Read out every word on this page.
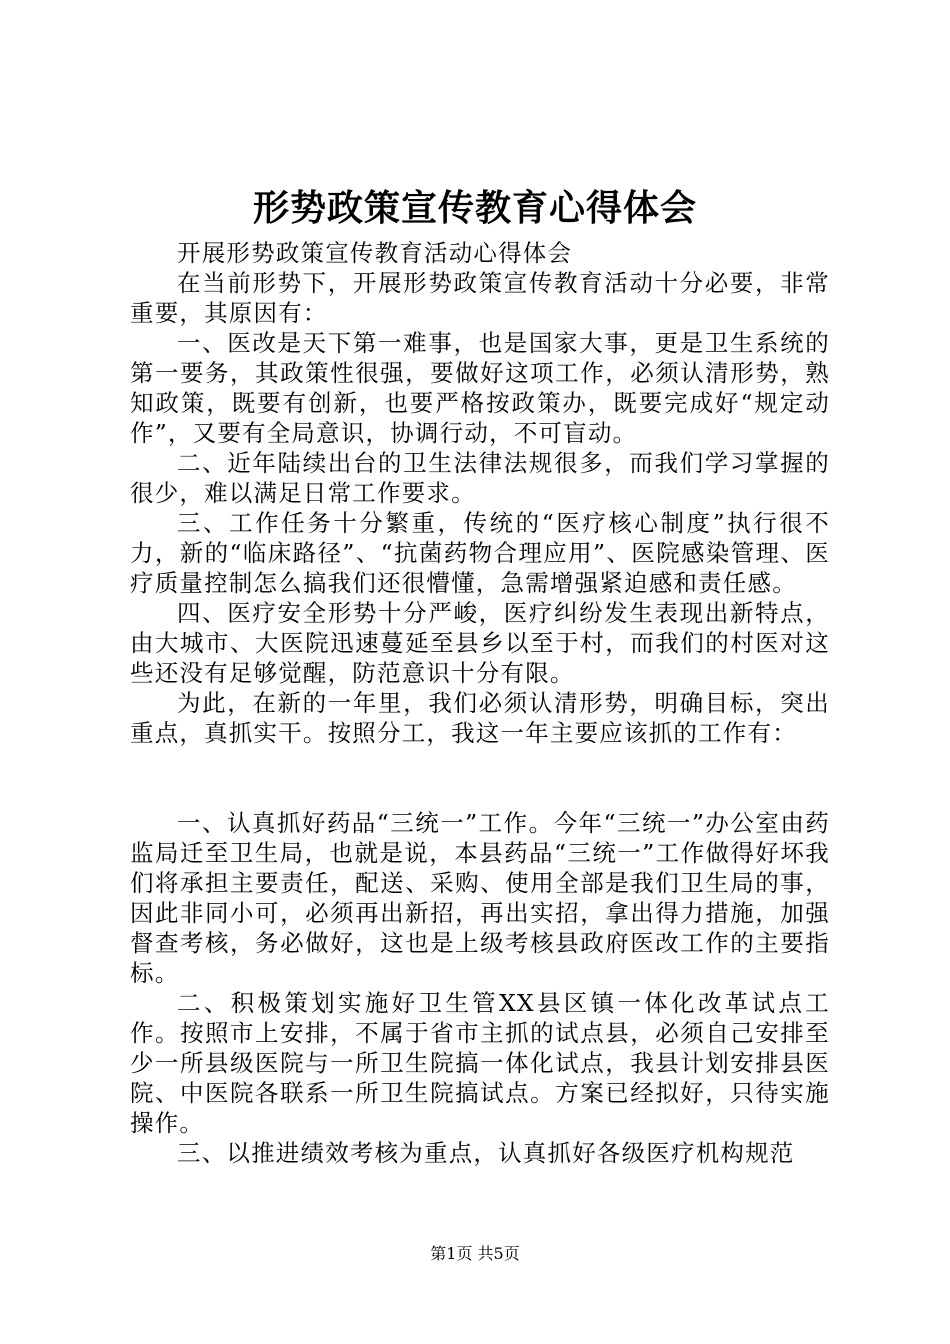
形势政策宣传教育心得体会

开展形势政策宣传教育活动心得体会

在当前形势下，开展形势政策宣传教育活动十分必要，非常重要，其原因有：

一、医改是天下第一难事，也是国家大事，更是卫生系统的第一要务，其政策性很强，要做好这项工作，必须认清形势，熟知政策，既要有创新，也要严格按政策办，既要完成好“规定动作”，又要有全局意识，协调行动，不可盲动。

二、近年陆续出台的卫生法律法规很多，而我们学习掌握的很少，难以满足日常工作要求。

三、工作任务十分繁重，传统的“医疗核心制度”执行很不力，新的“临床路径”、“抗菌药物合理应用”、医院感染管理、医疗质量控制怎么搞我们还很懵懂，急需增强紧迫感和责任感。

四、医疗安全形势十分严峻，医疗纠纷发生表现出新特点，由大城市、大医院迅速蔓延至县乡以至于村，而我们的村医对这些还没有足够觉醒，防范意识十分有限。

为此，在新的一年里，我们必须认清形势，明确目标，突出重点，真抓实干。按照分工，我这一年主要应该抓的工作有：

一、认真抓好药品“三统一”工作。今年“三统一”办公室由药监局迁至卫生局，也就是说，本县药品“三统一”工作做得好坏我们将承担主要责任，配送、采购、使用全部是我们卫生局的事，因此非同小可，必须再出新招，再出实招，拿出得力措施，加强督查考核，务必做好，这也是上级考核县政府医改工作的主要指标。

二、积极策划实施好卫生管XX县区镇一体化改革试点工作。按照市上安排，不属于省市主抓的试点县，必须自己安排至少一所县级医院与一所卫生院搞一体化试点，我县计划安排县医院、中医院各联系一所卫生院搞试点。方案已经拟好，只待实施操作。

三、以推进绩效考核为重点，认真抓好各级医疗机构规范

第1页 共5页
